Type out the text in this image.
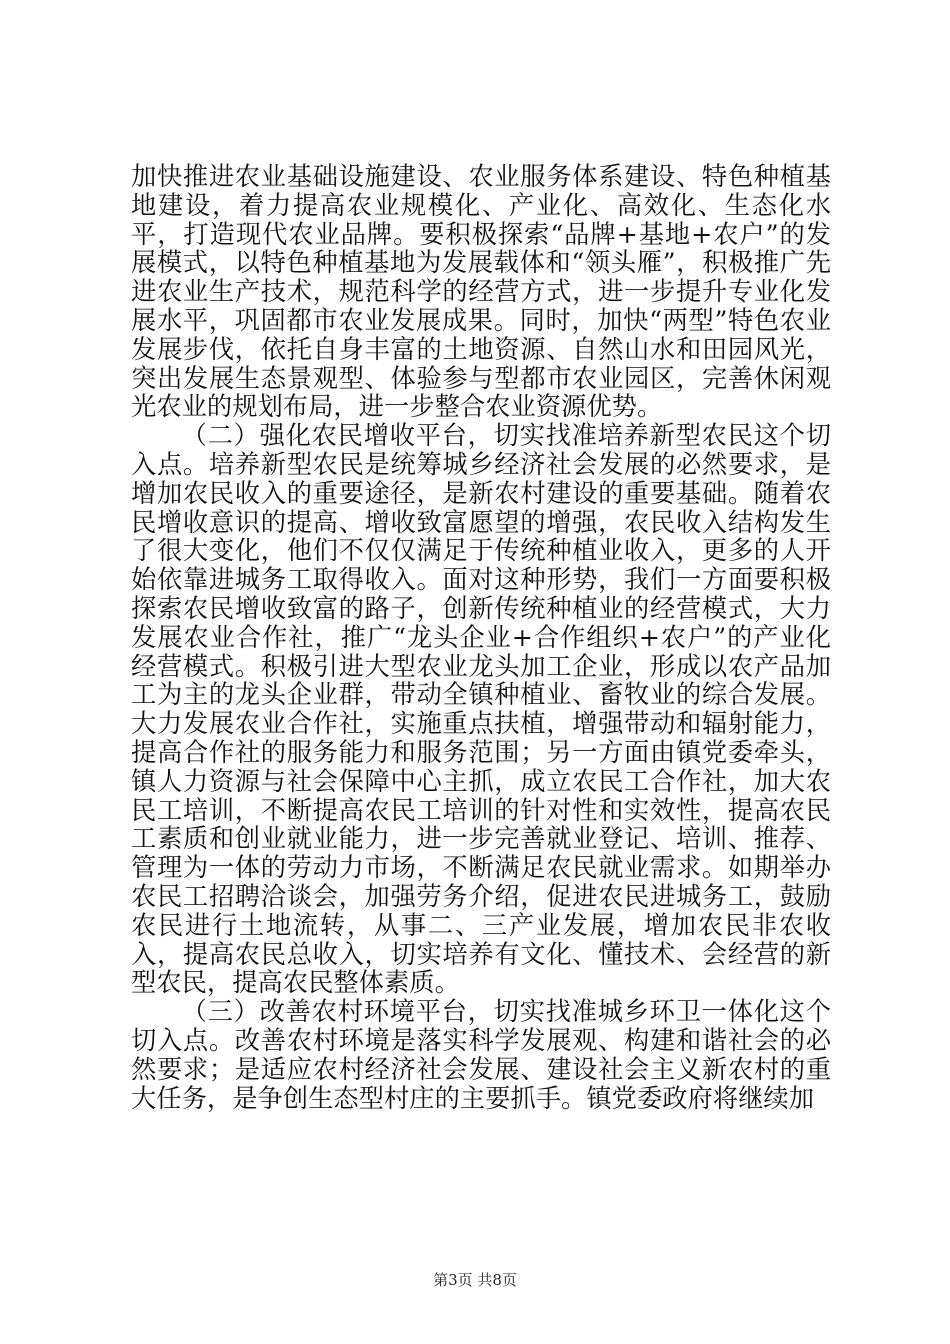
加快推进农业基础设施建设、农业服务体系建设、特色种植基地建设，着力提高农业规模化、产业化、高效化、生态化水平，打造现代农业品牌。要积极探索“品牌+基地+农户”的发展模式，以特色种植基地为发展载体和“领头雁”，积极推广先进农业生产技术，规范科学的经营方式，进一步提升专业化发展水平，巩固都市农业发展成果。同时，加快“两型”特色农业发展步伐，依托自身丰富的土地资源、自然山水和田园风光，突出发展生态景观型、体验参与型都市农业园区，完善休闲观光农业的规划布局，进一步整合农业资源优势。

（二）强化农民增收平台，切实找准培养新型农民这个切入点。培养新型农民是统筹城乡经济社会发展的必然要求，是增加农民收入的重要途径，是新农村建设的重要基础。随着农民增收意识的提高、增收致富愿望的增强，农民收入结构发生了很大变化，他们不仅仅满足于传统种植业收入，更多的人开始依靠进城务工取得收入。面对这种形势，我们一方面要积极探索农民增收致富的路子，创新传统种植业的经营模式，大力发展农业合作社，推广“龙头企业+合作组织+农户”的产业化经营模式。积极引进大型农业龙头加工企业，形成以农产品加工为主的龙头企业群，带动全镇种植业、畜牧业的综合发展。大力发展农业合作社，实施重点扶植，增强带动和辐射能力，提高合作社的服务能力和服务范围；另一方面由镇党委牵头，镇人力资源与社会保障中心主抓，成立农民工合作社，加大农民工培训，不断提高农民工培训的针对性和实效性，提高农民工素质和创业就业能力，进一步完善就业登记、培训、推荐、管理为一体的劳动力市场，不断满足农民就业需求。如期举办农民工招聘洽谈会，加强劳务介绍，促进农民进城务工，鼓励农民进行土地流转，从事二、三产业发展，增加农民非农收入，提高农民总收入，切实培养有文化、懂技术、会经营的新型农民，提高农民整体素质。

（三）改善农村环境平台，切实找准城乡环卫一体化这个切入点。改善农村环境是落实科学发展观、构建和谐社会的必然要求；是适应农村经济社会发展、建设社会主义新农村的重大任务，是争创生态型村庄的主要抓手。镇党委政府将继续加

第3页 共8页
